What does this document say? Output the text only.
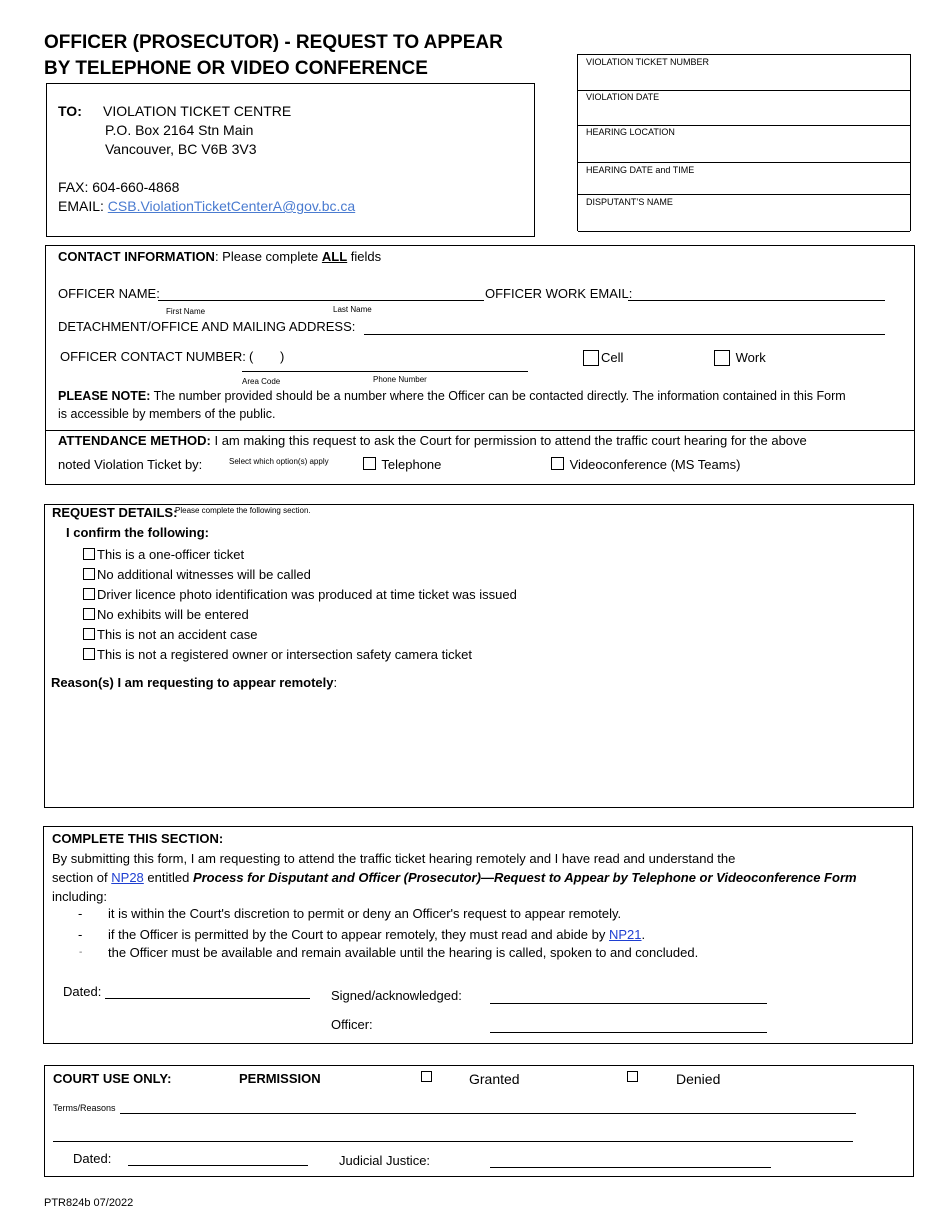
OFFICER (PROSECUTOR) - REQUEST TO APPEAR
BY TELEPHONE OR VIDEO CONFERENCE
TO: VIOLATION TICKET CENTRE
P.O. Box 2164 Stn Main
Vancouver, BC V6B 3V3
FAX: 604-660-4868
EMAIL: CSB.ViolationTicketCenterA@gov.bc.ca
VIOLATION TICKET NUMBER
VIOLATION DATE
HEARING LOCATION
HEARING DATE and TIME
DISPUTANT’S NAME
CONTACT INFORMATION: Please complete ALL fields
OFFICER NAME:
First Name	Last Name
OFFICER WORK EMAIL:
DETACHMENT/OFFICE AND MAILING ADDRESS:
OFFICER CONTACT NUMBER: ( )
Area Code	Phone Number
Cell	Work
PLEASE NOTE: The number provided should be a number where the Officer can be contacted directly. The information contained in this Form
is accessible by members of the public.
ATTENDANCE METHOD: I am making this request to ask the Court for permission to attend the traffic court hearing for the above
noted Violation Ticket by:	Select which option(s) apply	Telephone	Videoconference (MS Teams)
REQUEST DETAILS:
Please complete the following section.
I confirm the following:
This is a one-officer ticket
No additional witnesses will be called
Driver licence photo identification was produced at time ticket was issued
No exhibits will be entered
This is not an accident case
This is not a registered owner or intersection safety camera ticket
Reason(s) I am requesting to appear remotely:
COMPLETE THIS SECTION:
By submitting this form, I am requesting to attend the traffic ticket hearing remotely and I have read and understand the
section of NP28 entitled Process for Disputant and Officer (Prosecutor)—Request to Appear by Telephone or Videoconference Form
including:
- it is within the Court's discretion to permit or deny an Officer's request to appear remotely.
- if the Officer is permitted by the Court to appear remotely, they must read and abide by NP21.
- the Officer must be available and remain available until the hearing is called, spoken to and concluded.
Dated:	Signed/acknowledged:
Officer:
COURT USE ONLY:	PERMISSION	Granted	Denied
Terms/Reasons
Dated:	Judicial Justice:
PTR824b 07/2022
